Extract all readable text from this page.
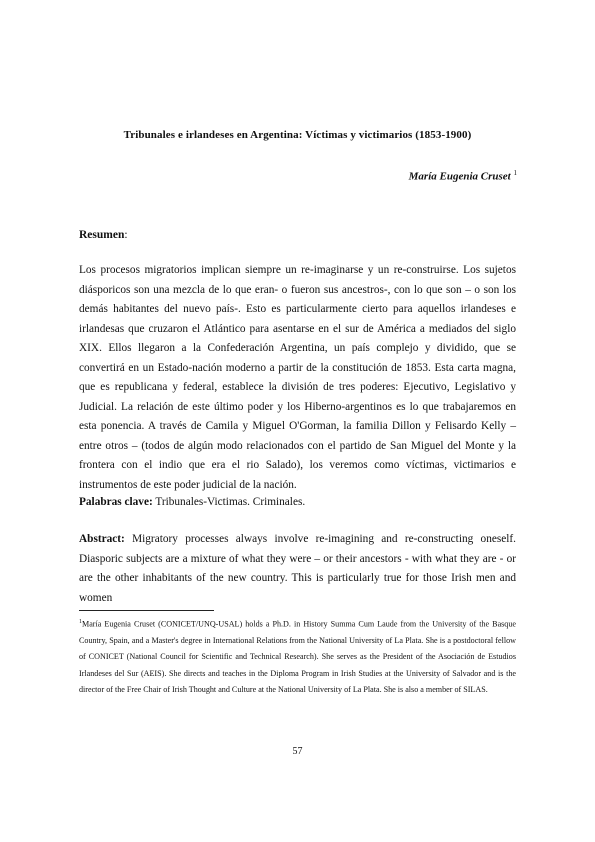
Tribunales e irlandeses en Argentina: Víctimas y victimarios (1853-1900)
María Eugenia Cruset $^1$
Resumen:

Los procesos migratorios implican siempre un re-imaginarse y un re-construirse. Los sujetos diásporicos son una mezcla de lo que eran- o fueron sus ancestros-, con lo que son – o son los demás habitantes del nuevo país-. Esto es particularmente cierto para aquellos irlandeses e irlandesas que cruzaron el Atlántico para asentarse en el sur de América a mediados del siglo XIX. Ellos llegaron a la Confederación Argentina, un país complejo y dividido, que se convertirá en un Estado-nación moderno a partir de la constitución de 1853. Esta carta magna, que es republicana y federal, establece la división de tres poderes: Ejecutivo, Legislativo y Judicial. La relación de este último poder y los Hiberno-argentinos es lo que trabajaremos en esta ponencia. A través de Camila y Miguel O'Gorman, la familia Dillon y Felisardo Kelly – entre otros – (todos de algún modo relacionados con el partido de San Miguel del Monte y la frontera con el indio que era el rio Salado), los veremos como víctimas, victimarios e instrumentos de este poder judicial de la nación.

Palabras clave: Tribunales-Victimas. Criminales.

Abstract: Migratory processes always involve re-imagining and re-constructing oneself. Diasporic subjects are a mixture of what they were – or their ancestors - with what they are - or are the other inhabitants of the new country. This is particularly true for those Irish men and women

$^1$María Eugenia Cruset (CONICET/UNQ-USAL) holds a Ph.D. in History Summa Cum Laude from the University of the Basque Country, Spain, and a Master's degree in International Relations from the National University of La Plata. She is a postdoctoral fellow of CONICET (National Council for Scientific and Technical Research). She serves as the President of the Asociación de Estudios Irlandeses del Sur (AEIS). She directs and teaches in the Diploma Program in Irish Studies at the University of Salvador and is the director of the Free Chair of Irish Thought and Culture at the National University of La Plata. She is also a member of SILAS.

57
